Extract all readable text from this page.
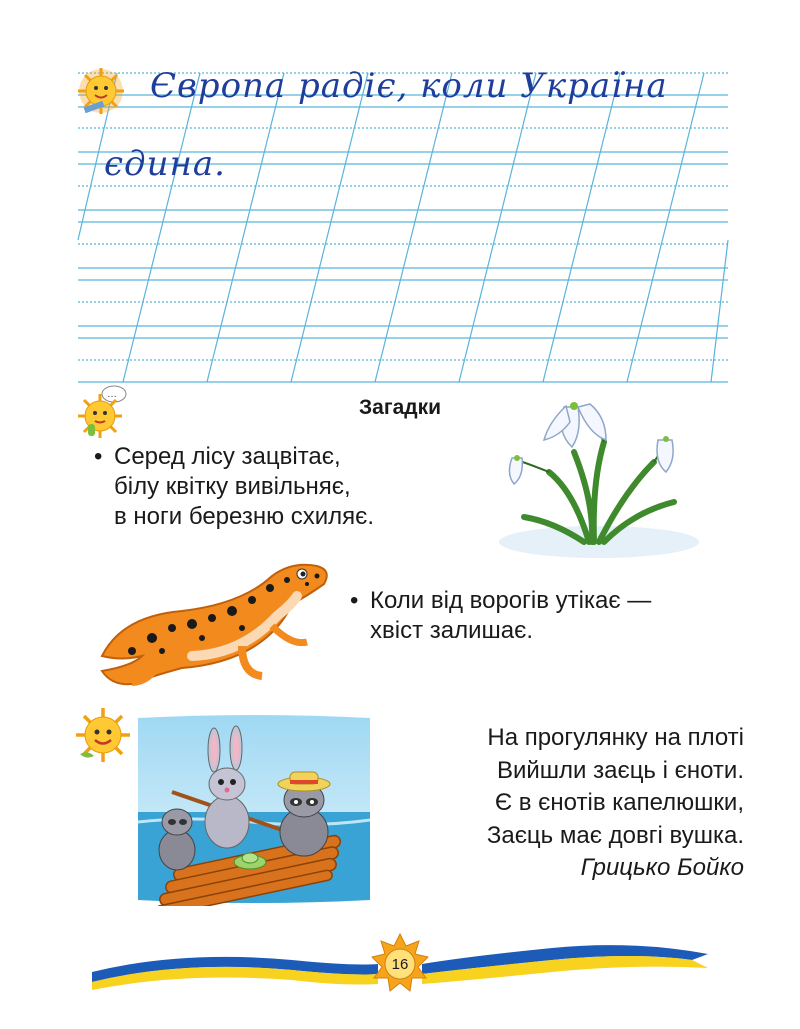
Європа радіє, коли Україна
єдина.
…
Загадки
• Серед лісу зацвітає,
білу квітку вивільняє,
в ноги березню схиляє.
• Коли від ворогів утікає —
хвіст залишає.
На прогулянку на плоті
Вийшли заєць і єноти.
Є в єнотів капелюшки,
Заєць має довгі вушка.
Грицько Бойко
16
